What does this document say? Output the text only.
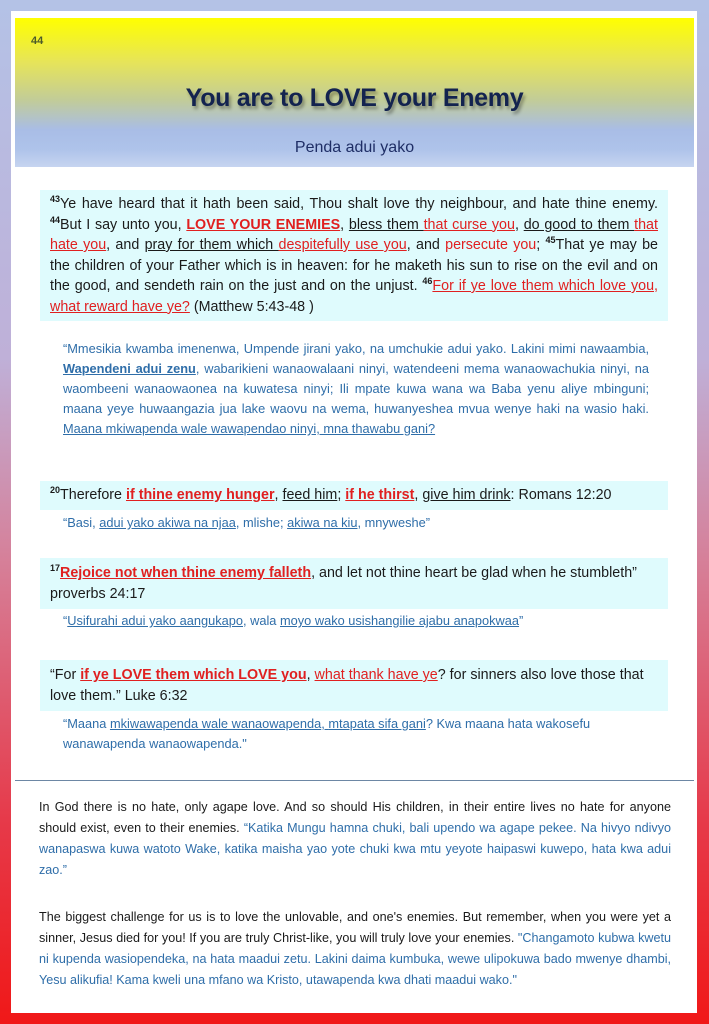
44
You are to LOVE your Enemy
Penda adui yako
$^{43}$Ye have heard that it hath been said, Thou shalt love thy neighbour, and hate thine enemy. $^{44}$But I say unto you, LOVE YOUR ENEMIES, bless them that curse you, do good to them that hate you, and pray for them which despitefully use you, and persecute you; $^{45}$That ye may be the children of your Father which is in heaven: for he maketh his sun to rise on the evil and on the good, and sendeth rain on the just and on the unjust. $^{46}$For if ye love them which love you, what reward have ye? (Matthew 5:43-48 )
“Mmesikia kwamba imenenwa, Umpende jirani yako, na umchukie adui yako. Lakini mimi nawaambia, Wapendeni adui zenu, wabarikieni wanaowalaani ninyi, watendeeni mema wanaowachukia ninyi, na waombeeni wanaowaonea na kuwatesa ninyi; Ili mpate kuwa wana wa Baba yenu aliye mbinguni; maana yeye huwaangazia jua lake waovu na wema, huwanyeshea mvua wenye haki na wasio haki. Maana mkiwapenda wale wawapendao ninyi, mna thawabu gani?
$^{20}$Therefore if thine enemy hunger, feed him; if he thirst, give him drink: Romans 12:20
“Basi, adui yako akiwa na njaa, mlishe; akiwa na kiu, mnyweshe”
$^{17}$Rejoice not when thine enemy falleth, and let not thine heart be glad when he stumbleth” proverbs 24:17
“Usifurahi adui yako aangukapo, wala moyo wako usishangilie ajabu anapokwaa”
“For if ye LOVE them which LOVE you, what thank have ye? for sinners also love those that love them.” Luke 6:32
“Maana mkiwawapenda wale wanaowapenda, mtapata sifa gani? Kwa maana hata wakosefu wanawapenda wanaowapenda."
In God there is no hate, only agape love. And so should His children, in their entire lives no hate for anyone should exist, even to their enemies. “Katika Mungu hamna chuki, bali upendo wa agape pekee. Na hivyo ndivyo wanapaswa kuwa watoto Wake, katika maisha yao yote chuki kwa mtu yeyote haipaswi kuwepo, hata kwa adui zao.”
The biggest challenge for us is to love the unlovable, and one's enemies. But remember, when you were yet a sinner, Jesus died for you! If you are truly Christ-like, you will truly love your enemies. "Changamoto kubwa kwetu ni kupenda wasiopendeka, na hata maadui zetu. Lakini daima kumbuka, wewe ulipokuwa bado mwenye dhambi, Yesu alikufia! Kama kweli una mfano wa Kristo, utawapenda kwa dhati maadui wako."
